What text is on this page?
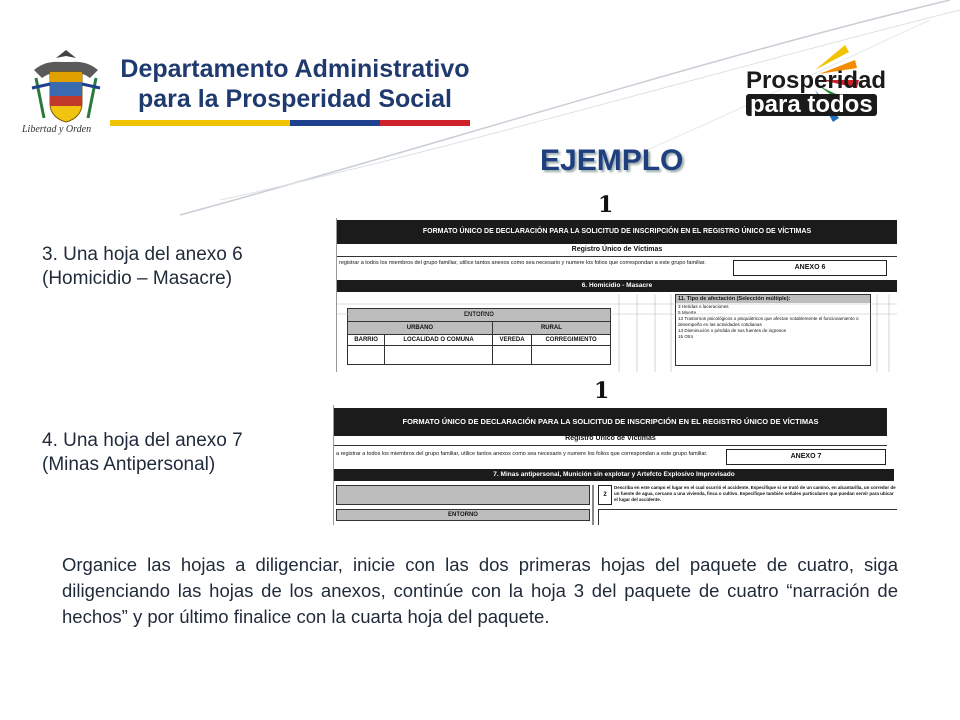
Libertad y Orden
Departamento Administrativo
para la Prosperidad Social
Prosperidad
para todos
EJEMPLO
1
3. Una hoja del anexo 6
(Homicidio – Masacre)
FORMATO ÚNICO DE DECLARACIÓN PARA LA SOLICITUD DE INSCRIPCIÓN EN EL REGISTRO ÚNICO DE VÍCTIMAS
Registro Único de Víctimas
registrar a todos los miembros del grupo familiar, utilice tantos anexos como sea necesario y numere los folios que correspondan a este grupo familiar.
ANEXO 6
6. Homicidio - Masacre
ENTORNO			
URBANO		RURAL	
BARRIO	LOCALIDAD O COMUNA	VEREDA	CORREGIMIENTO

11. Tipo de afectación (Selección múltiple):
3 Heridas o laceraciones
5 Muerte
13 Trastornos psicológicos o psiquiátricos que afectan notablemente el funcionamiento o desempeño en las actividades cotidianas
14 Disminución o pérdida de sus fuentes de ingresos
15 Otro
1
4. Una hoja del anexo 7
(Minas Antipersonal)
FORMATO ÚNICO DE DECLARACIÓN PARA LA SOLICITUD DE INSCRIPCIÓN EN EL REGISTRO ÚNICO DE VÍCTIMAS
Registro Único de Víctimas
a registrar a todos los miembros del grupo familiar, utilice tantos anexos como sea necesario y numere los folios que correspondan a este grupo familiar.	ANEXO 7
7. Minas antipersonal, Munición sin explotar y Artefcto Explosivo Improvisado
ENTORNO
2
Describa en este campo el lugar en el cual ocurrió el accidente. Especifique si se trató de un camino, en alcantarilla, un corredor de un fuente de agua, cercano a una vivienda, finca o cultivo. Especifique también señales particulares que puedan servir para ubicar el lugar del accidente.
Organice las hojas a diligenciar, inicie con las dos primeras hojas del paquete de cuatro, siga diligenciando las hojas de los anexos, continúe con la hoja 3 del paquete de cuatro “narración de hechos” y por último finalice con la cuarta hoja del paquete.
